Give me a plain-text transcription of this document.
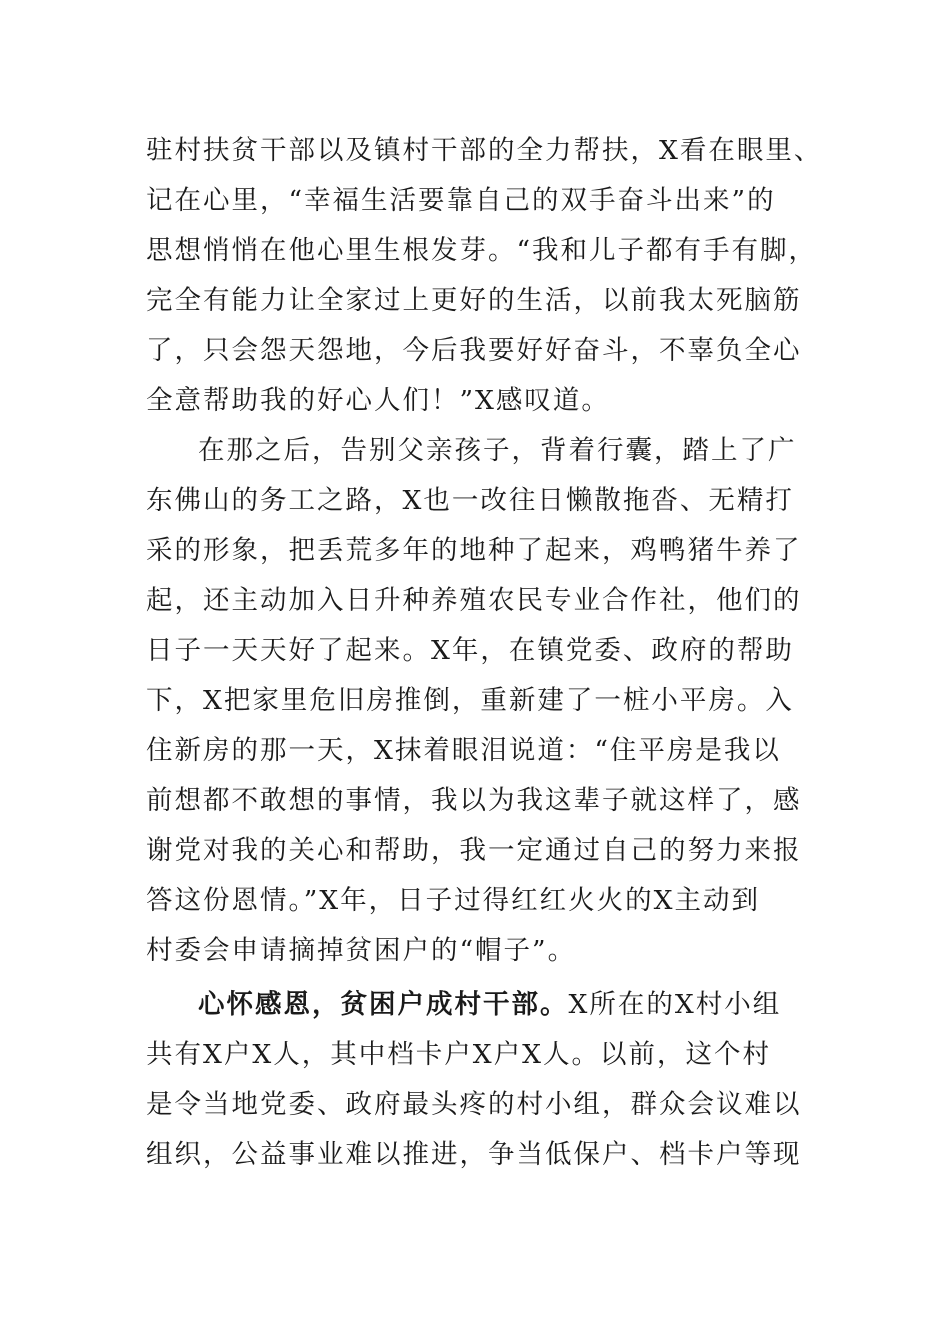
驻村扶贫干部以及镇村干部的全力帮扶，X看在眼里、
记在心里，“幸福生活要靠自己的双手奋斗出来”的
思想悄悄在他心里生根发芽。“我和儿子都有手有脚，
完全有能力让全家过上更好的生活，以前我太死脑筋
了，只会怨天怨地，今后我要好好奋斗，不辜负全心
全意帮助我的好心人们！”X感叹道。
在那之后，告别父亲孩子，背着行囊，踏上了广
东佛山的务工之路，X也一改往日懒散拖沓、无精打
采的形象，把丢荒多年的地种了起来，鸡鸭猪牛养了
起，还主动加入日升种养殖农民专业合作社，他们的
日子一天天好了起来。X年，在镇党委、政府的帮助
下，X把家里危旧房推倒，重新建了一桩小平房。入
住新房的那一天，X抹着眼泪说道：“住平房是我以
前想都不敢想的事情，我以为我这辈子就这样了，感
谢党对我的关心和帮助，我一定通过自己的努力来报
答这份恩情。”X年，日子过得红红火火的X主动到
村委会申请摘掉贫困户的“帽子”。
心怀感恩，贫困户成村干部。X所在的X村小组
共有X户X人，其中档卡户X户X人。以前，这个村
是令当地党委、政府最头疼的村小组，群众会议难以
组织，公益事业难以推进，争当低保户、档卡户等现
